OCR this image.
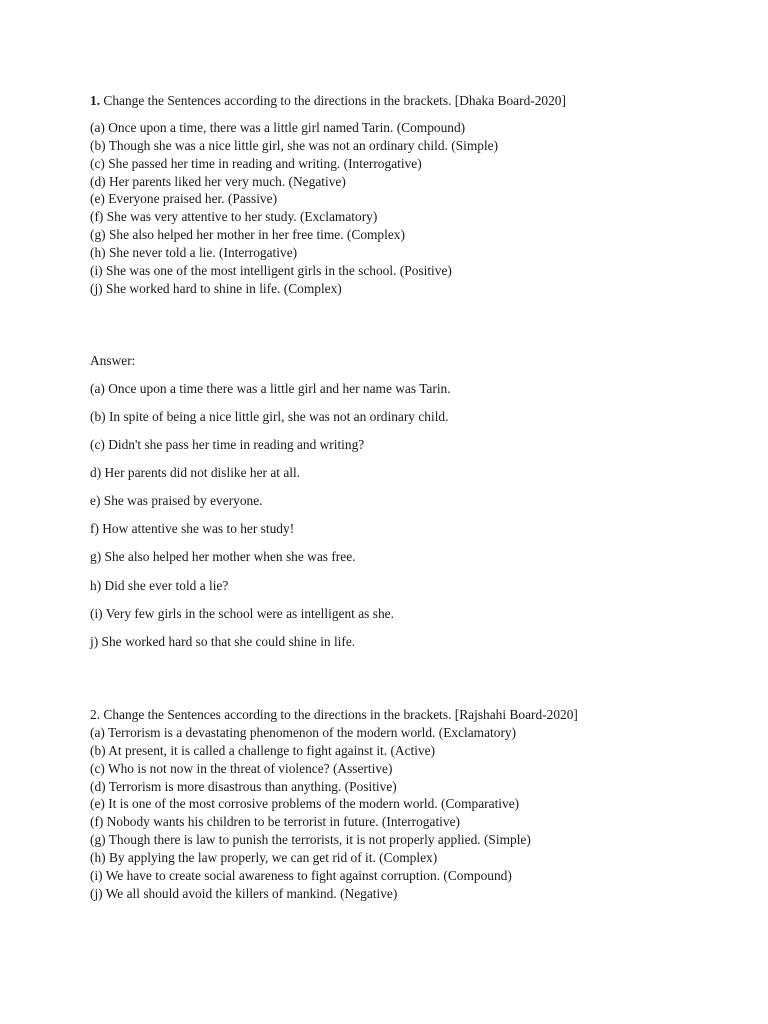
1. Change the Sentences according to the directions in the brackets. [Dhaka Board-2020]
(a) Once upon a time, there was a little girl named Tarin. (Compound)
(b) Though she was a nice little girl, she was not an ordinary child. (Simple)
(c) She passed her time in reading and writing. (Interrogative)
(d) Her parents liked her very much. (Negative)
(e) Everyone praised her. (Passive)
(f) She was very attentive to her study. (Exclamatory)
(g) She also helped her mother in her free time. (Complex)
(h) She never told a lie. (Interrogative)
(i) She was one of the most intelligent girls in the school. (Positive)
(j) She worked hard to shine in life. (Complex)
Answer:
(a) Once upon a time there was a little girl and her name was Tarin.
(b) In spite of being a nice little girl, she was not an ordinary child.
(c) Didn't she pass her time in reading and writing?
d) Her parents did not dislike her at all.
e) She was praised by everyone.
f) How attentive she was to her study!
g) She also helped her mother when she was free.
h) Did she ever told a lie?
(i) Very few girls in the school were as intelligent as she.
j) She worked hard so that she could shine in life.
2. Change the Sentences according to the directions in the brackets. [Rajshahi Board-2020]
(a) Terrorism is a devastating phenomenon of the modern world. (Exclamatory)
(b) At present, it is called a challenge to fight against it. (Active)
(c) Who is not now in the threat of violence? (Assertive)
(d) Terrorism is more disastrous than anything. (Positive)
(e) It is one of the most corrosive problems of the modern world. (Comparative)
(f) Nobody wants his children to be terrorist in future. (Interrogative)
(g) Though there is law to punish the terrorists, it is not properly applied. (Simple)
(h) By applying the law properly, we can get rid of it. (Complex)
(i) We have to create social awareness to fight against corruption. (Compound)
(j) We all should avoid the killers of mankind. (Negative)
